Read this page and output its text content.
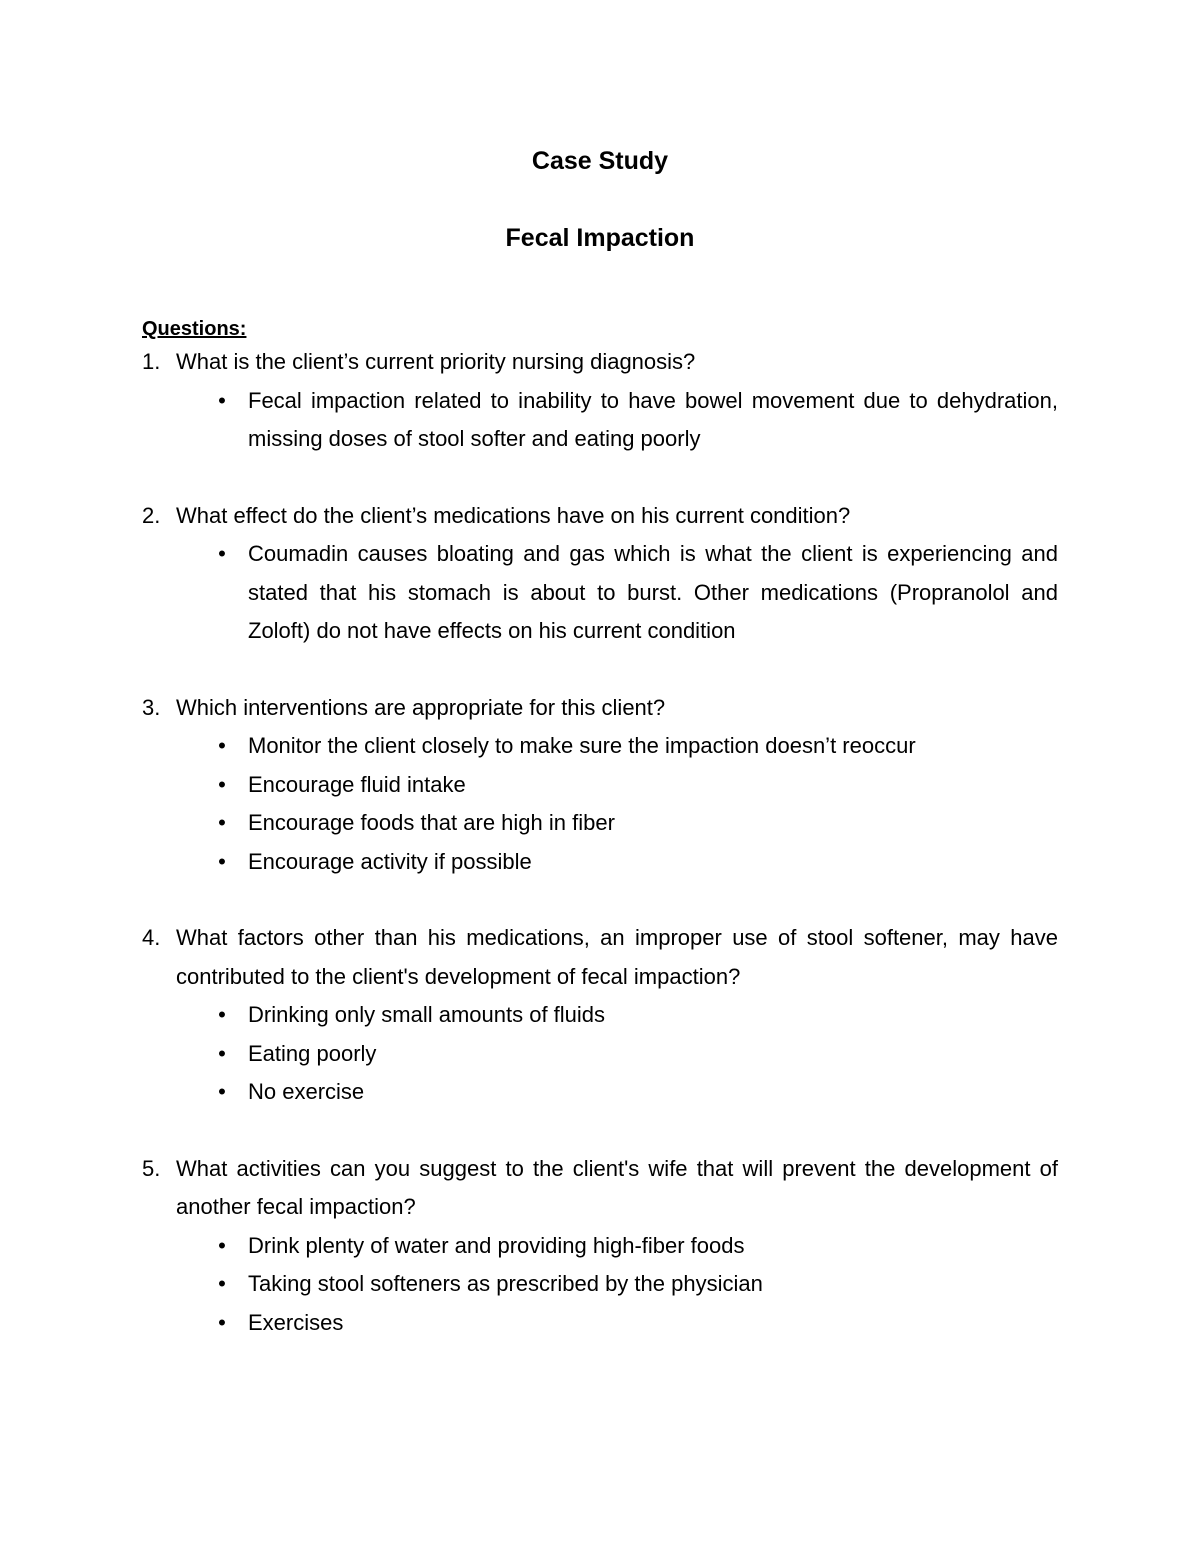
Case Study
Fecal Impaction
Questions:
1. What is the client’s current priority nursing diagnosis?
• Fecal impaction related to inability to have bowel movement due to dehydration, missing doses of stool softer and eating poorly
2. What effect do the client’s medications have on his current condition?
• Coumadin causes bloating and gas which is what the client is experiencing and stated that his stomach is about to burst. Other medications (Propranolol and Zoloft) do not have effects on his current condition
3. Which interventions are appropriate for this client?
• Monitor the client closely to make sure the impaction doesn’t reoccur
• Encourage fluid intake
• Encourage foods that are high in fiber
• Encourage activity if possible
4. What factors other than his medications, an improper use of stool softener, may have contributed to the client's development of fecal impaction?
• Drinking only small amounts of fluids
• Eating poorly
• No exercise
5. What activities can you suggest to the client's wife that will prevent the development of another fecal impaction?
• Drink plenty of water and providing high-fiber foods
• Taking stool softeners as prescribed by the physician
• Exercises
